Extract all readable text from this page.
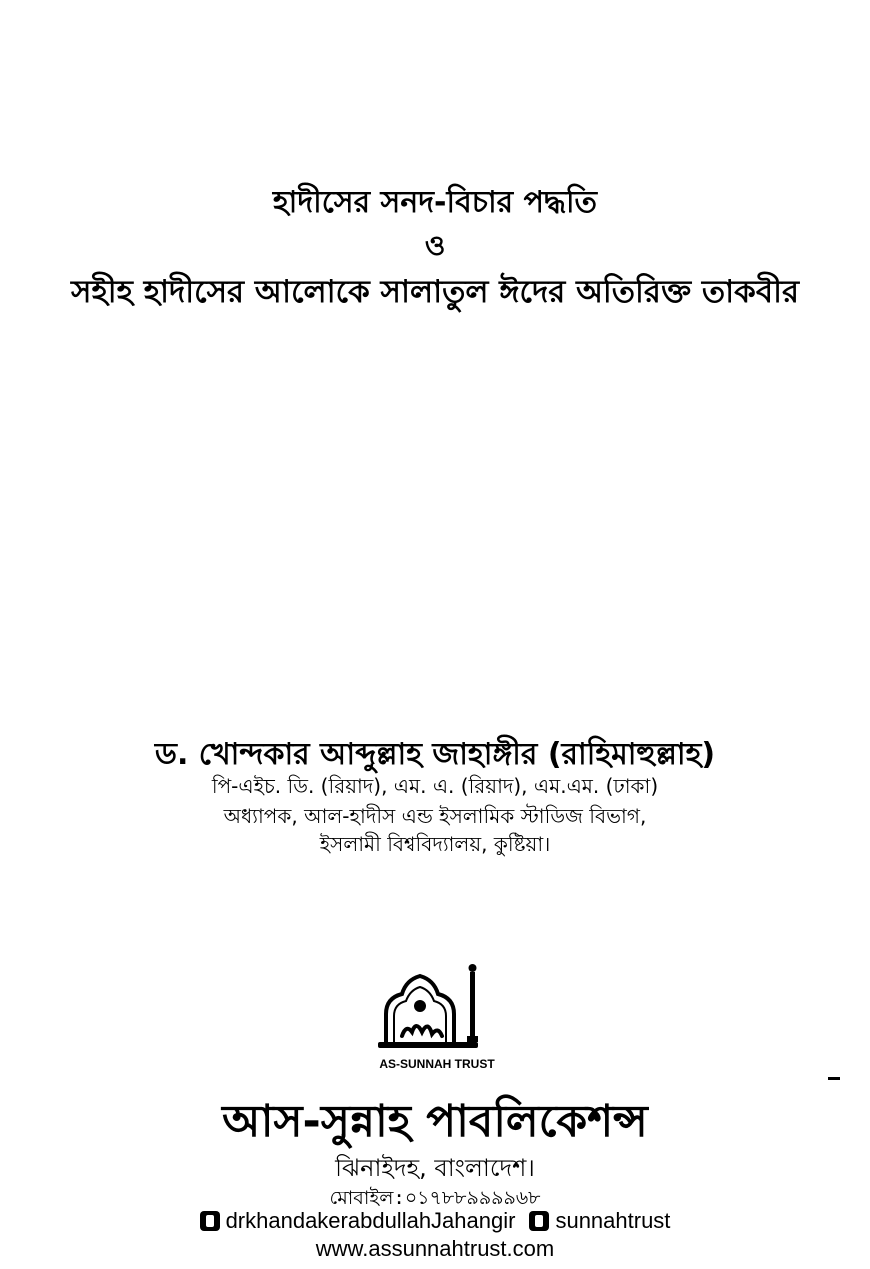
হাদীসের সনদ-বিচার পদ্ধতি
ও
সহীহ হাদীসের আলোকে সালাতুল ঈদের অতিরিক্ত তাকবীর
ড. খোন্দকার আব্দুল্লাহ জাহাঙ্গীর (রাহিমাহুল্লাহ)
পি-এইচ. ডি. (রিয়াদ), এম. এ. (রিয়াদ), এম.এম. (ঢাকা)
অধ্যাপক, আল-হাদীস এন্ড ইসলামিক স্টাডিজ বিভাগ,
ইসলামী বিশ্ববিদ্যালয়, কুষ্টিয়া।
AS-SUNNAH TRUST
আস-সুন্নাহ পাবলিকেশন্স
ঝিনাইদহ, বাংলাদেশ।
মোবাইল:০১৭৮৮৯৯৯৯৬৮
drkhandakerabdullahJahangir sunnahtrust
www.assunnahtrust.com
